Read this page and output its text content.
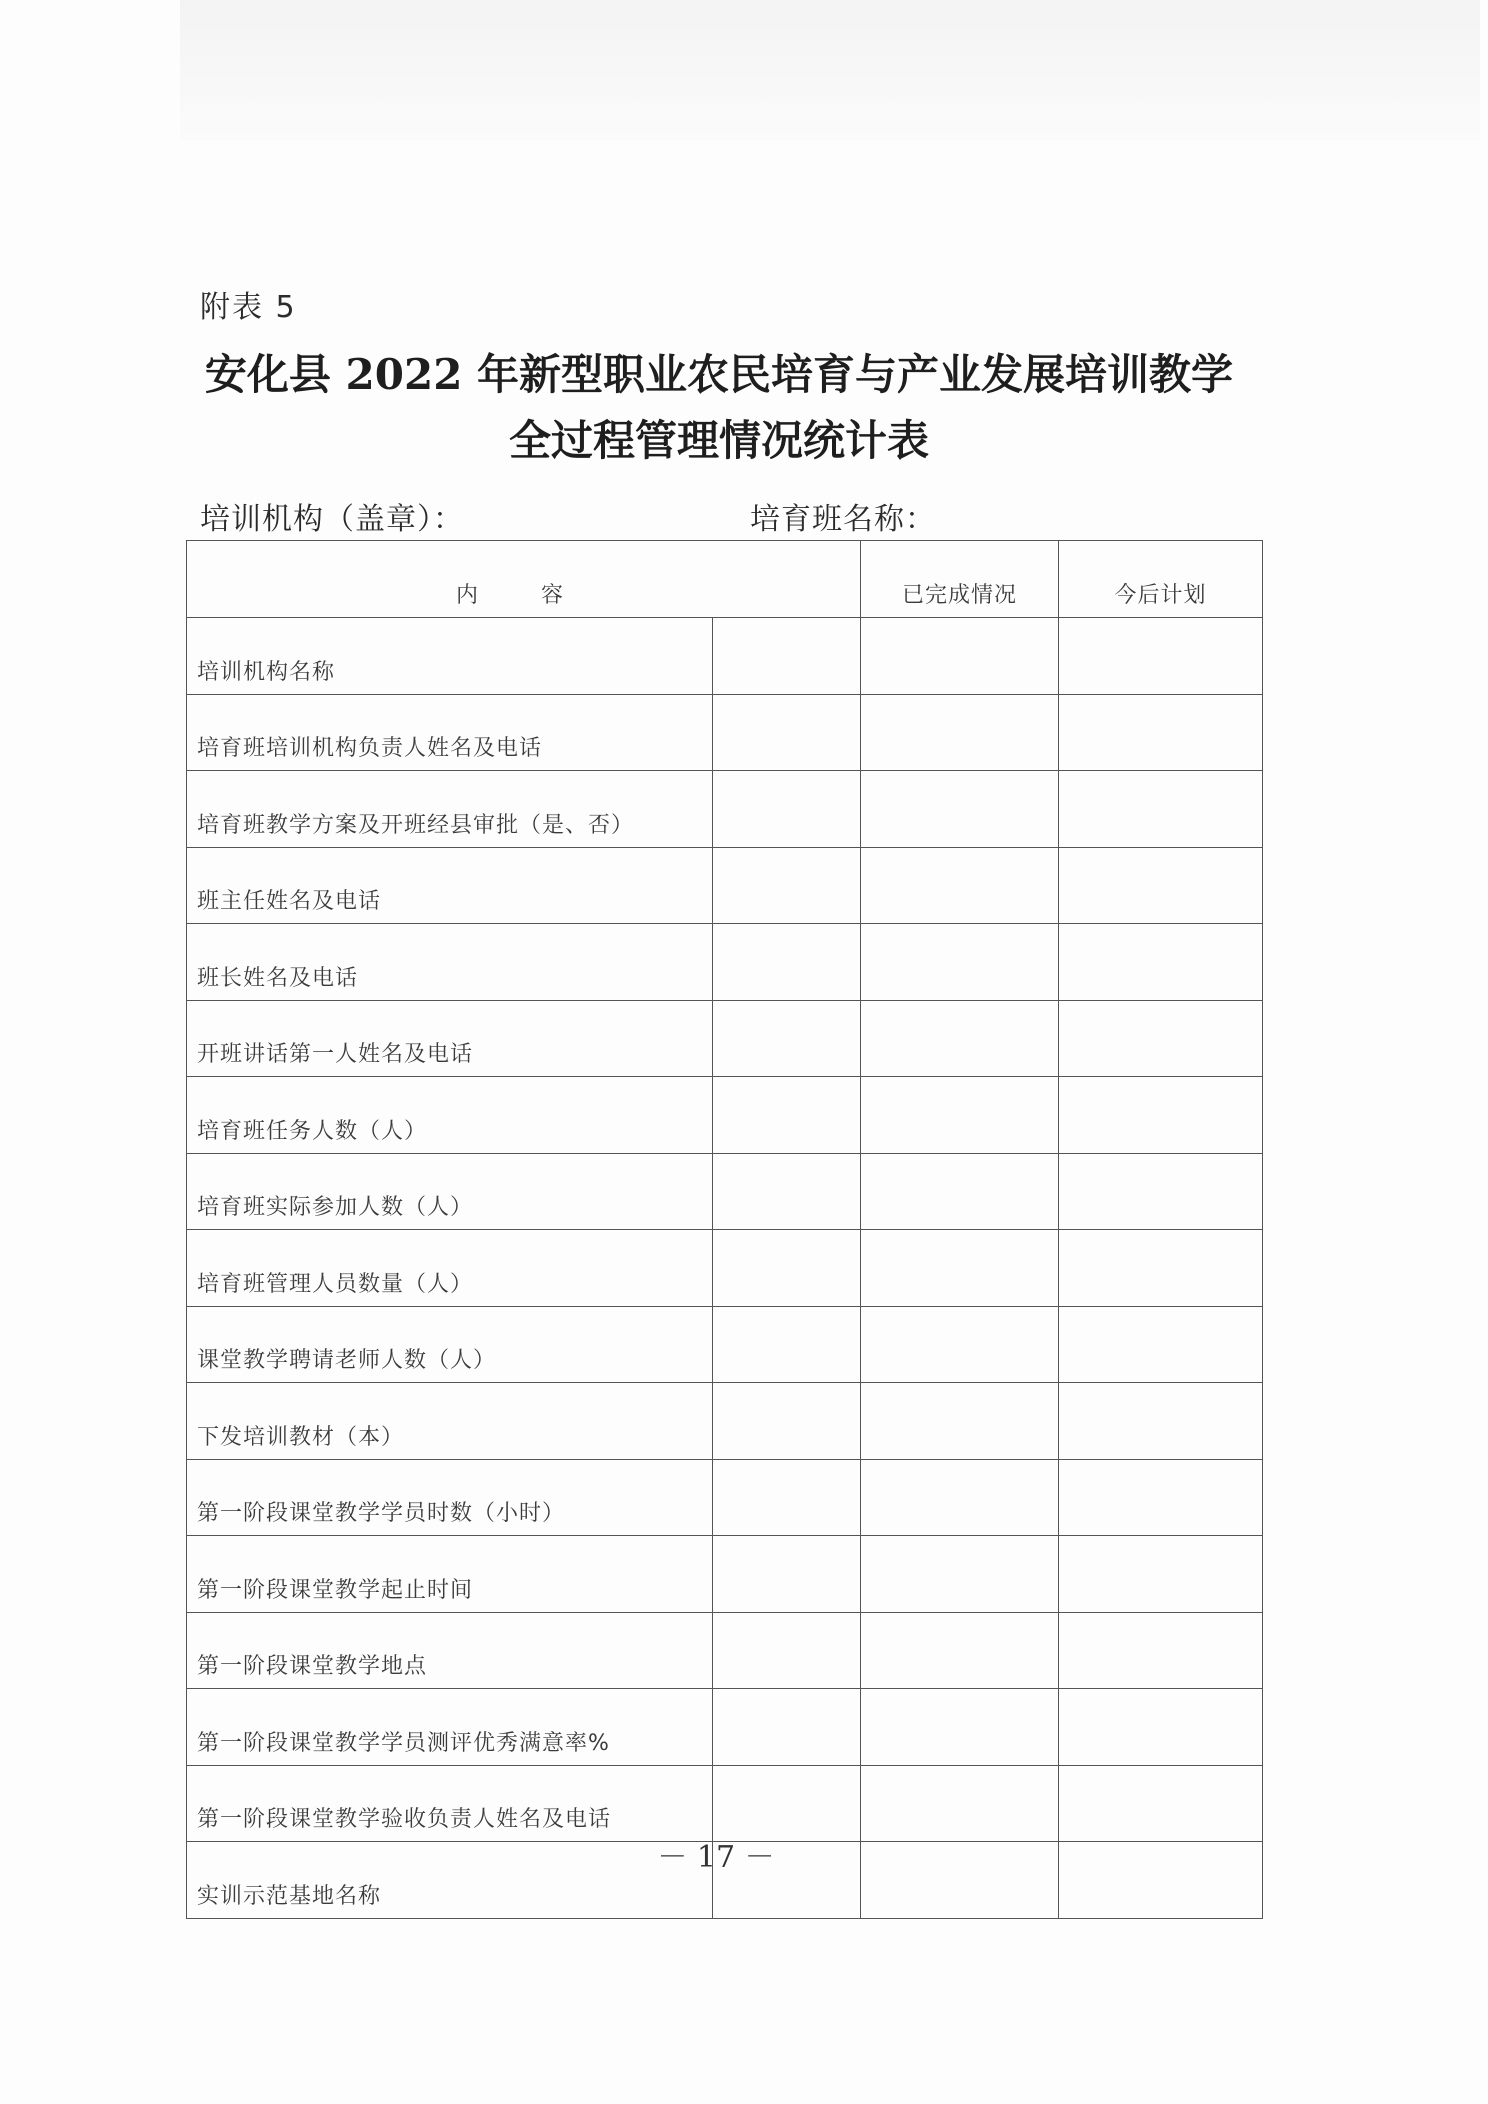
附表 5
安化县 2022 年新型职业农民培育与产业发展培训教学
全过程管理情况统计表
培训机构（盖章）：	培育班名称：
内 容		已完成情况	今后计划
培训机构名称			
培育班培训机构负责人姓名及电话			
培育班教学方案及开班经县审批（是、否）			
班主任姓名及电话			
班长姓名及电话			
开班讲话第一人姓名及电话			
培育班任务人数（人）			
培育班实际参加人数（人）			
培育班管理人员数量（人）			
课堂教学聘请老师人数（人）			
下发培训教材（本）			
第一阶段课堂教学学员时数（小时）			
第一阶段课堂教学起止时间			
第一阶段课堂教学地点			
第一阶段课堂教学学员测评优秀满意率%			
第一阶段课堂教学验收负责人姓名及电话			
实训示范基地名称			
－ 17 －
